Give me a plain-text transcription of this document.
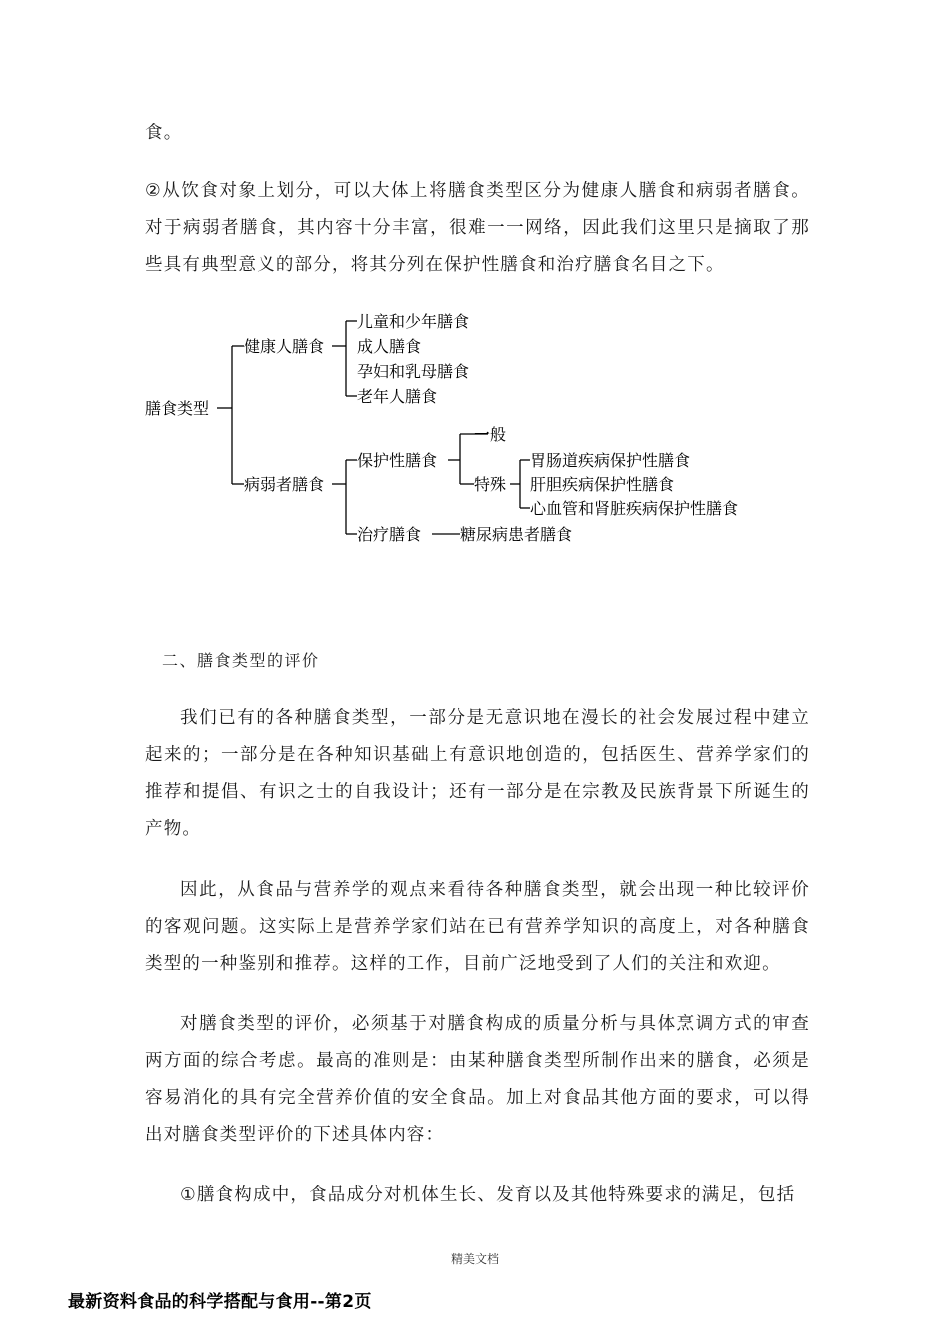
食。

②从饮食对象上划分，可以大体上将膳食类型区分为健康人膳食和病弱者膳食。对于病弱者膳食，其内容十分丰富，很难一一网络，因此我们这里只是摘取了那些具有典型意义的部分，将其分列在保护性膳食和治疗膳食名目之下。

膳食类型
健康人膳食
儿童和少年膳食
成人膳食
孕妇和乳母膳食
老年人膳食
病弱者膳食
保护性膳食
一般
特殊
胃肠道疾病保护性膳食
肝胆疾病保护性膳食
心血管和肾脏疾病保护性膳食
治疗膳食 糖尿病患者膳食

二、膳食类型的评价

我们已有的各种膳食类型，一部分是无意识地在漫长的社会发展过程中建立起来的；一部分是在各种知识基础上有意识地创造的，包括医生、营养学家们的推荐和提倡、有识之士的自我设计；还有一部分是在宗教及民族背景下所诞生的产物。

因此，从食品与营养学的观点来看待各种膳食类型，就会出现一种比较评价的客观问题。这实际上是营养学家们站在已有营养学知识的高度上，对各种膳食类型的一种鉴别和推荐。这样的工作，目前广泛地受到了人们的关注和欢迎。

对膳食类型的评价，必须基于对膳食构成的质量分析与具体烹调方式的审查两方面的综合考虑。最高的准则是：由某种膳食类型所制作出来的膳食，必须是容易消化的具有完全营养价值的安全食品。加上对食品其他方面的要求，可以得出对膳食类型评价的下述具体内容：

①膳食构成中，食品成分对机体生长、发育以及其他特殊要求的满足，包括

精美文档
最新资料食品的科学搭配与食用--第2页
